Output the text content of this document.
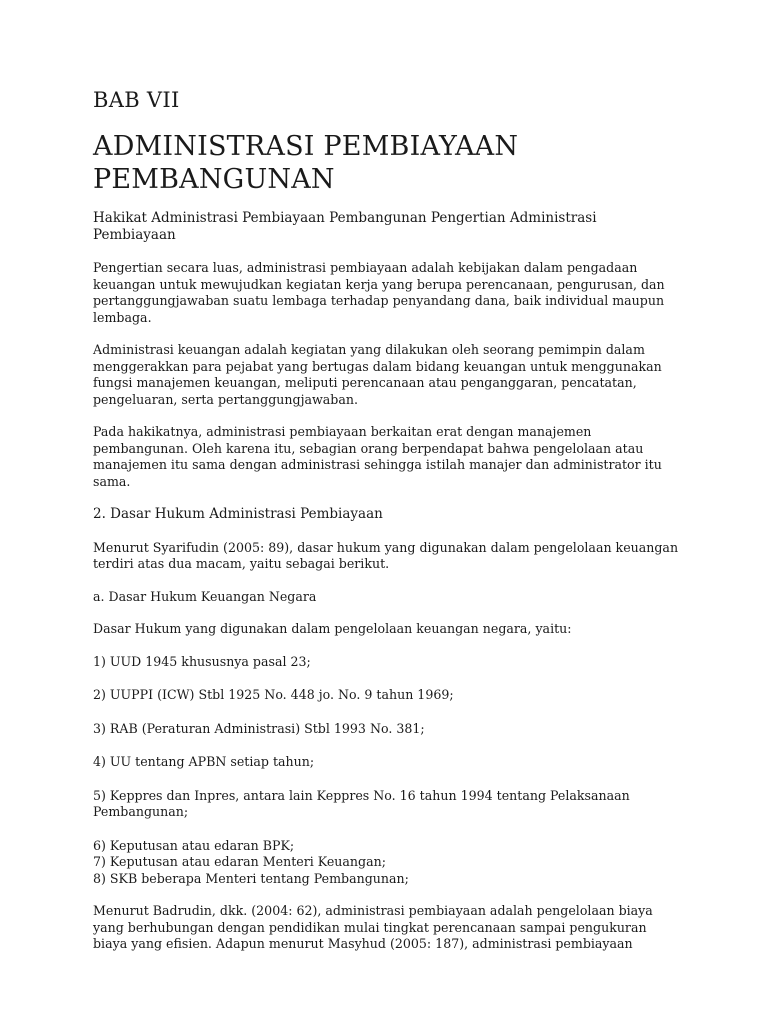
BAB VII
ADMINISTRASI PEMBIAYAAN PEMBANGUNAN

Hakikat Administrasi Pembiayaan Pembangunan Pengertian Administrasi Pembiayaan

Pengertian secara luas, administrasi pembiayaan adalah kebijakan dalam pengadaan keuangan untuk mewujudkan kegiatan kerja yang berupa perencanaan, pengurusan, dan pertanggungjawaban suatu lembaga terhadap penyandang dana, baik individual maupun lembaga.

Administrasi keuangan adalah kegiatan yang dilakukan oleh seorang pemimpin dalam menggerakkan para pejabat yang bertugas dalam bidang keuangan untuk menggunakan fungsi manajemen keuangan, meliputi perencanaan atau penganggaran, pencatatan, pengeluaran, serta pertanggungjawaban.

Pada hakikatnya, administrasi pembiayaan berkaitan erat dengan manajemen pembangunan. Oleh karena itu, sebagian orang berpendapat bahwa pengelolaan atau manajemen itu sama dengan administrasi sehingga istilah manajer dan administrator itu sama.

2. Dasar Hukum Administrasi Pembiayaan

Menurut Syarifudin (2005: 89), dasar hukum yang digunakan dalam pengelolaan keuangan terdiri atas dua macam, yaitu sebagai berikut.

a. Dasar Hukum Keuangan Negara

Dasar Hukum yang digunakan dalam pengelolaan keuangan negara, yaitu:

1) UUD 1945 khususnya pasal 23;

2) UUPPI (ICW) Stbl 1925 No. 448 jo. No. 9 tahun 1969;

3) RAB (Peraturan Administrasi) Stbl 1993 No. 381;

4) UU tentang APBN setiap tahun;

5) Keppres dan Inpres, antara lain Keppres No. 16 tahun 1994 tentang Pelaksanaan Pembangunan;

6) Keputusan atau edaran BPK;

7) Keputusan atau edaran Menteri Keuangan;

8) SKB beberapa Menteri tentang Pembangunan;

Menurut Badrudin, dkk. (2004: 62), administrasi pembiayaan adalah pengelolaan biaya yang berhubungan dengan pendidikan mulai tingkat perencanaan sampai pengukuran biaya yang efisien. Adapun menurut Masyhud (2005: 187), administrasi pembiayaan
